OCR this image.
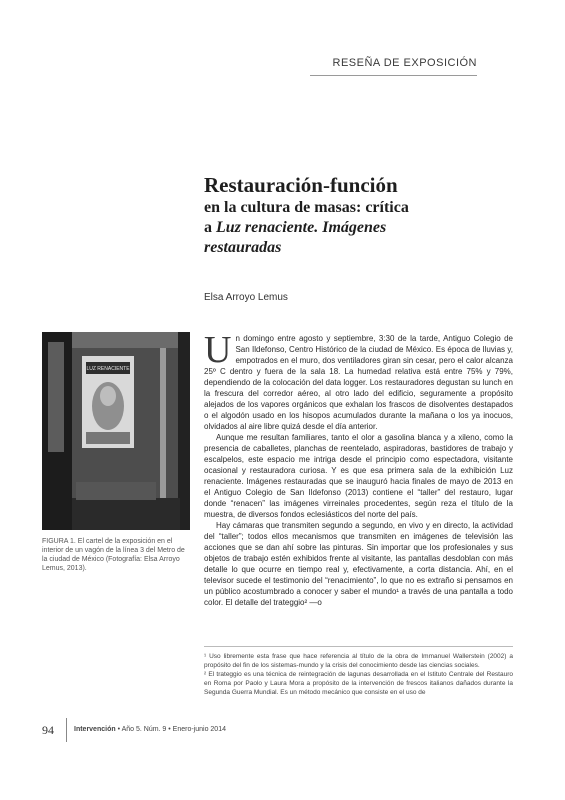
RESEÑA DE EXPOSICIÓN
Restauración-función
en la cultura de masas: crítica
a Luz renaciente. Imágenes
restauradas
Elsa Arroyo Lemus
LUZ RENACIENTE
FIGURA 1. El cartel de la exposición en el interior de un vagón de la línea 3 del Metro de la ciudad de México (Fotografía: Elsa Arroyo Lemus, 2013).

Un domingo entre agosto y septiembre, 3:30 de la tarde, Antiguo Colegio de San Ildefonso, Centro Histórico de la ciudad de México. Es época de lluvias y, empotrados en el muro, dos ventiladores giran sin cesar, pero el calor alcanza 25º C dentro y fuera de la sala 18. La humedad relativa está entre 75% y 79%, dependiendo de la colocación del data logger. Los restauradores degustan su lunch en la frescura del corredor aéreo, al otro lado del edificio, seguramente a propósito alejados de los vapores orgánicos que exhalan los frascos de disolventes destapados o el algodón usado en los hisopos acumulados durante la mañana o los ya inocuos, olvidados al aire libre quizá desde el día anterior.

Aunque me resultan familiares, tanto el olor a gasolina blanca y a xileno, como la presencia de caballetes, planchas de reentelado, aspiradoras, bastidores de trabajo y escalpelos, este espacio me intriga desde el principio como espectadora, visitante ocasional y restauradora curiosa. Y es que esa primera sala de la exhibición Luz renaciente. Imágenes restauradas que se inauguró hacia finales de mayo de 2013 en el Antiguo Colegio de San Ildefonso (2013) contiene el “taller” del restauro, lugar donde “renacen” las imágenes virreinales procedentes, según reza el título de la muestra, de diversos fondos eclesiásticos del norte del país.

Hay cámaras que transmiten segundo a segundo, en vivo y en directo, la actividad del “taller”; todos ellos mecanismos que transmiten en imágenes de televisión las acciones que se dan ahí sobre las pinturas. Sin importar que los profesionales y sus objetos de trabajo estén exhibidos frente al visitante, las pantallas desdoblan con más detalle lo que ocurre en tiempo real y, efectivamente, a corta distancia. Ahí, en el televisor sucede el testimonio del “renacimiento”, lo que no es extraño si pensamos en un público acostumbrado a conocer y saber el mundo¹ a través de una pantalla a todo color. El detalle del trateggio² —o

¹ Uso libremente esta frase que hace referencia al título de la obra de Immanuel Wallerstein (2002) a propósito del fin de los sistemas-mundo y la crisis del conocimiento desde las ciencias sociales.

² El trateggio es una técnica de reintegración de lagunas desarrollada en el Istituto Centrale del Restauro en Roma por Paolo y Laura Mora a propósito de la intervención de frescos italianos dañados durante la Segunda Guerra Mundial. Es un método mecánico que consiste en el uso de

94	Intervención • Año 5. Núm. 9 • Enero-junio 2014
